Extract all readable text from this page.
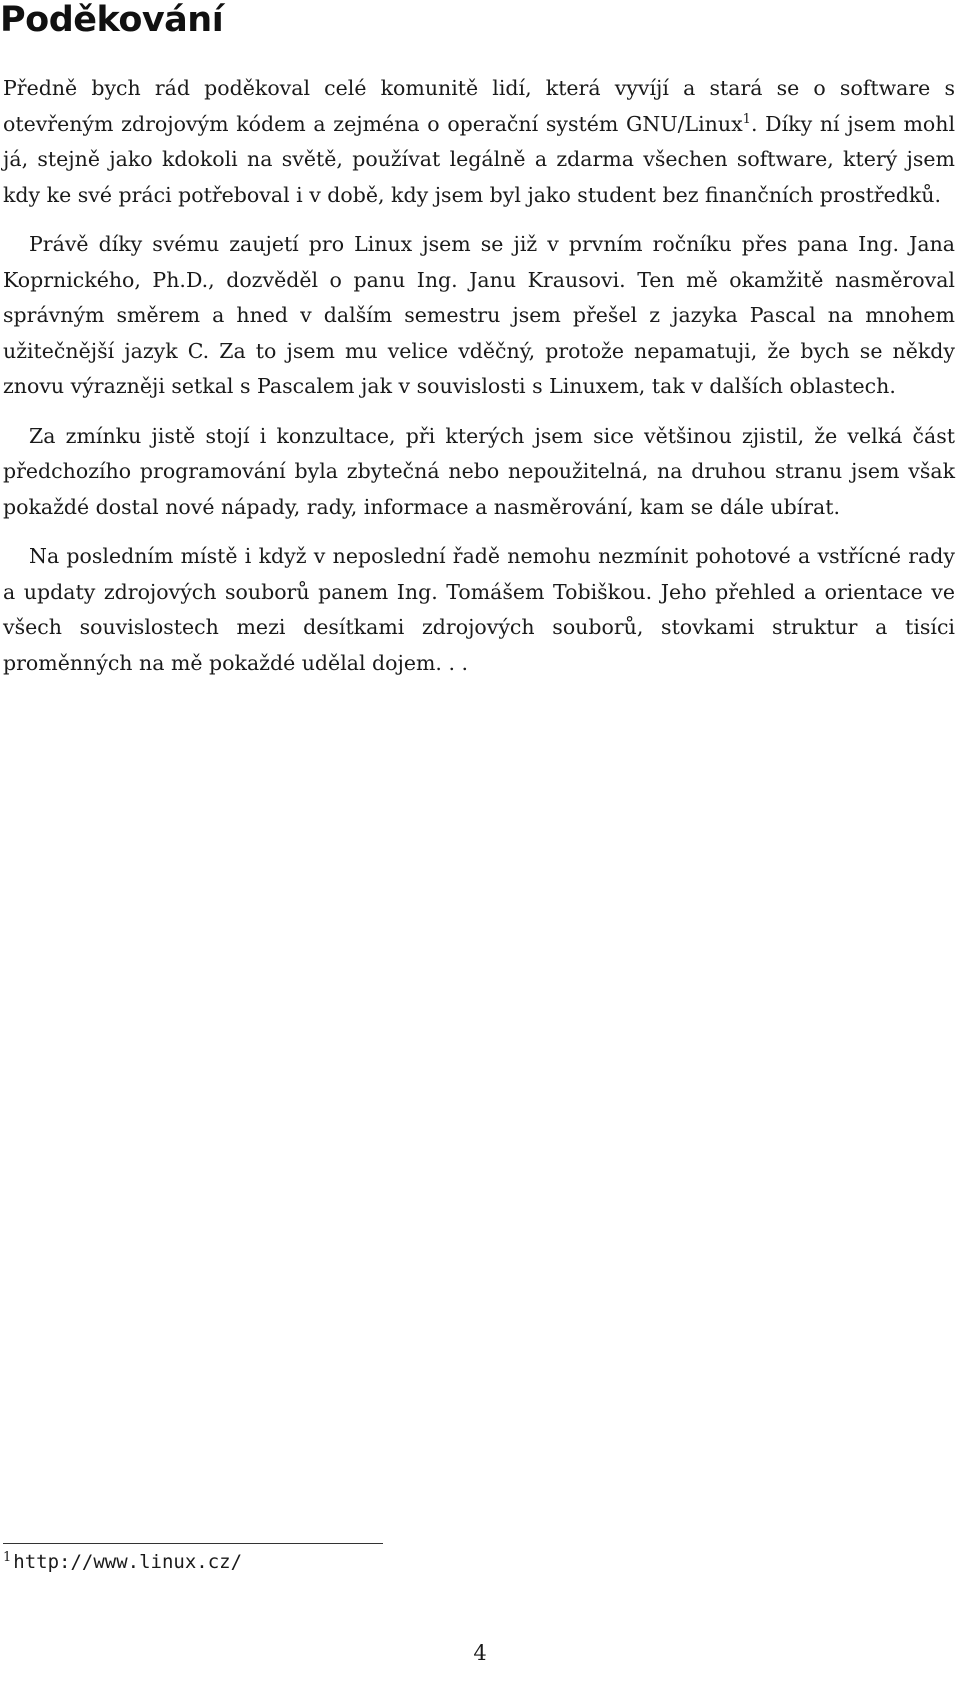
Poděkování

Předně bych rád poděkoval celé komunitě lidí, která vyvíjí a stará se o software s otevřeným zdrojovým kódem a zejména o operační systém GNU/Linux$^1$. Díky ní jsem mohl já, stejně jako kdokoli na světě, používat legálně a zdarma všechen software, který jsem kdy ke své práci potřeboval i v době, kdy jsem byl jako student bez finančních prostředků.

Právě díky svému zaujetí pro Linux jsem se již v prvním ročníku přes pana Ing. Jana Koprnického, Ph.D., dozvěděl o panu Ing. Janu Krausovi. Ten mě okamžitě nasměroval správným směrem a hned v dalším semestru jsem přešel z jazyka Pascal na mnohem užitečnější jazyk C. Za to jsem mu velice vděčný, protože nepamatuji, že bych se někdy znovu výrazněji setkal s Pascalem jak v souvislosti s Linuxem, tak v dalších oblastech.

Za zmínku jistě stojí i konzultace, při kterých jsem sice většinou zjistil, že velká část předchozího programování byla zbytečná nebo nepoužitelná, na druhou stranu jsem však pokaždé dostal nové nápady, rady, informace a nasměrování, kam se dále ubírat.

Na posledním místě i když v neposlední řadě nemohu nezmínit pohotové a vstřícné rady a updaty zdrojových souborů panem Ing. Tomášem Tobiškou. Jeho přehled a orientace ve všech souvislostech mezi desítkami zdrojových souborů, stovkami struktur a tisíci proměnných na mě pokaždé udělal dojem. . .

$^1$ http://www.linux.cz/
4
